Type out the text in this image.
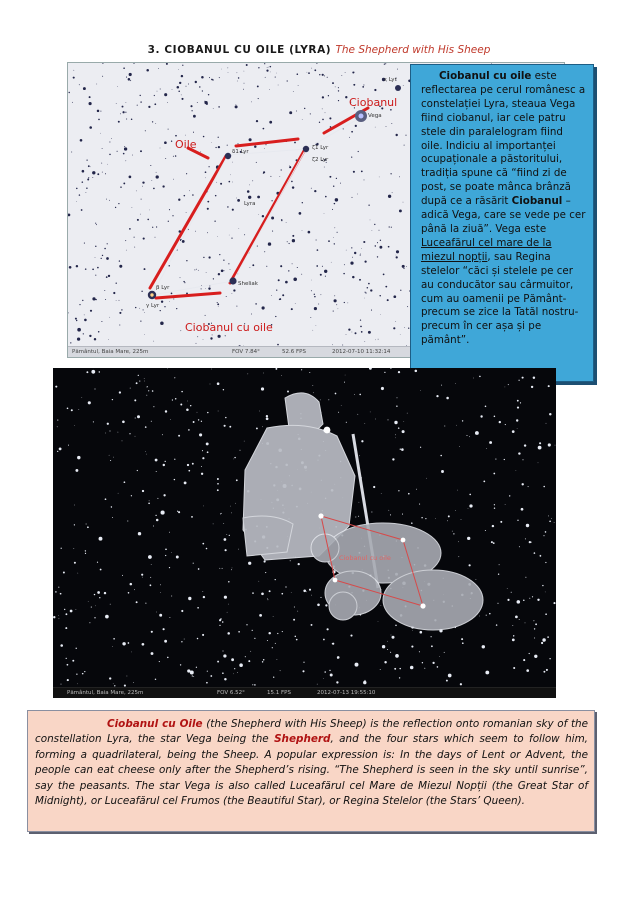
3. CIOBANUL CU OILE (LYRA) The Shepherd with His Sheep
Oile
Ciobanul
Ciobanul cu oile
ε Lyr
Vega
ζ1 Lyr
ζ2 Lyr
δ1 Lyr
Lyra
Sheliak
β Lyr
γ Lyr
Pământul, Baia Mare, 225m	FOV 7.84°	52.6 FPS	2012-07-10 11:32:14
Ciobanul cu oile este reflectarea pe cerul românesc a constelației Lyra, steaua Vega fiind ciobanul, iar cele patru stele din paralelogram fiind oile. Indiciu al importanței ocupaționale a păstoritului, tradiția spune că “fiind zi de post, se poate mânca brânză după ce a răsărit Ciobanul – adică Vega, care se vede pe cer până la ziuă”. Vega este Luceafărul cel mare de la miezul nopții, sau Regina stelelor “căci și stelele pe cer au conducător sau cârmuitor, cum au oamenii pe Pământ- precum se zice la Tatăl nostru- precum în cer așa și pe pământ”.
Ciobanul cu oile
Pământul, Baia Mare, 225m	FOV 6.52°	15.1 FPS	2012-07-13 19:55:10
Ciobanul cu Oile (the Shepherd with His Sheep) is the reflection onto romanian sky of the constellation Lyra, the star Vega being the Shepherd, and the four stars which seem to follow him, forming a quadrilateral, being the Sheep. A popular expression is: In the days of Lent or Advent, the people can eat cheese only after the Shepherd’s rising. “The Shepherd is seen in the sky until sunrise”, say the peasants. The star Vega is also called Luceafărul cel Mare de Miezul Nopții (the Great Star of Midnight), or Luceafărul cel Frumos (the Beautiful Star), or Regina Stelelor (the Stars’ Queen).
